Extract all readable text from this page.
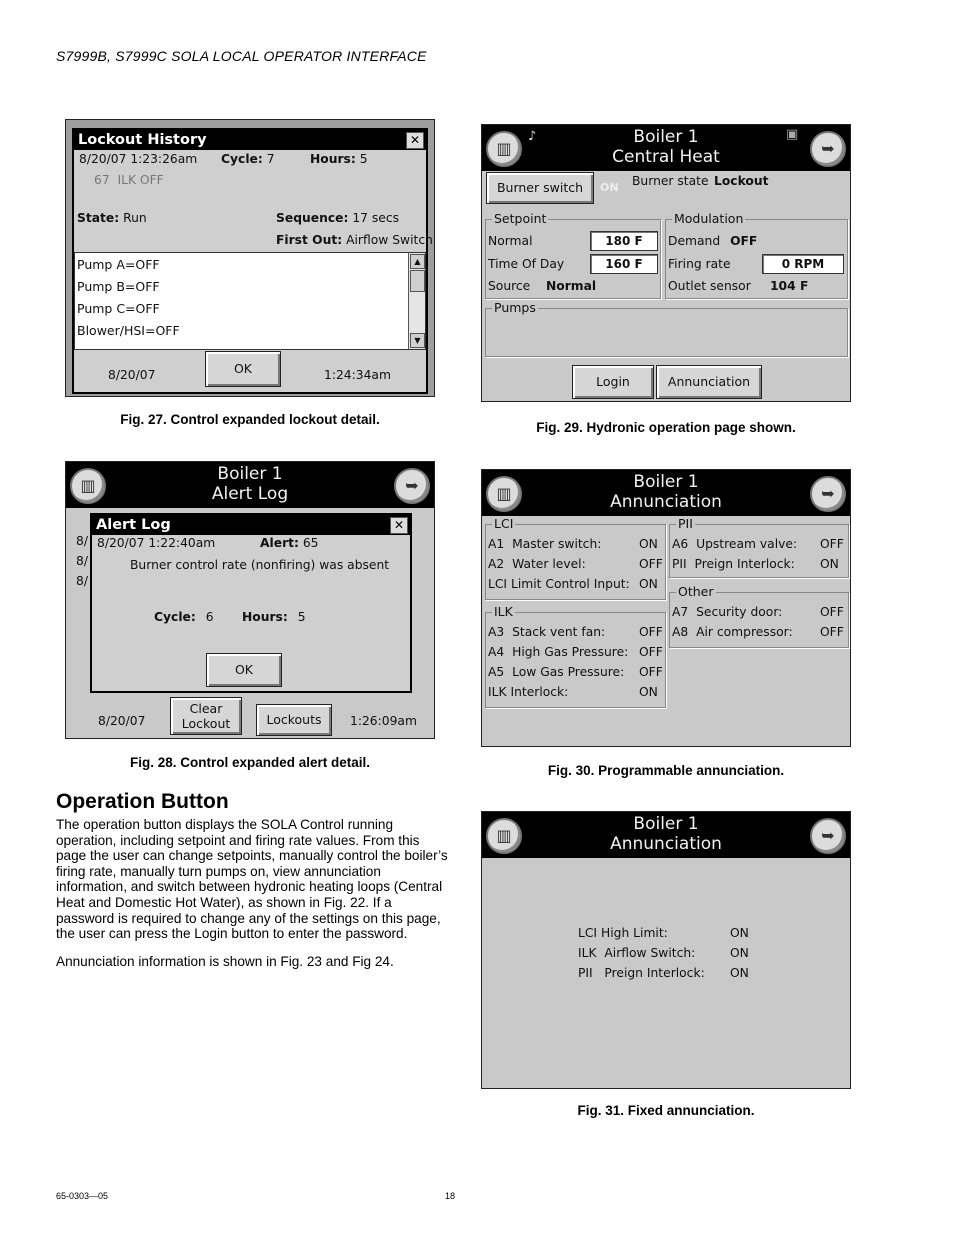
S7999B, S7999C SOLA LOCAL OPERATOR INTERFACE
Lockout History	✕
8/20/07 1:23:26am Cycle: 7	Hours: 5
67  ILK OFF
State: Run	Sequence: 17 secs
First Out: Airflow Switch
Pump A=OFF
Pump B=OFF
Pump C=OFF
Blower/HSI=OFF
▲
▼
8/20/07	OK	1:24:34am
Fig. 27. Control expanded lockout detail.
Boiler 1
Central Heat
▥
♪	▣
➥
Burner switch	ON Burner state Lockout
Setpoint
Normal	180 F
Time Of Day	160 F
Source Normal
Modulation
Demand OFF
Firing rate	0 RPM
Outlet sensor 104 F
Pumps
Login	Annunciation
Fig. 29. Hydronic operation page shown.
Boiler 1
Alert Log
▥	➥
8/
8/
8/
Alert Log	✕
8/20/07 1:22:40am	Alert: 65
Burner control rate (nonfiring) was absent
Cycle: 6 Hours: 5
OK
8/20/07
Clear
Lockout	Lockouts	1:26:09am
Fig. 28. Control expanded alert detail.
Boiler 1
Annunciation
▥	➥
LCI
A1 Master switch:	ON
A2 Water level:	OFF
LCI Limit Control Input: ON
ILK
A3 Stack vent fan:	OFF
A4 High Gas Pressure: OFF
A5 Low Gas Pressure: OFF
ILK Interlock:	ON
PII
A6 Upstream valve: OFF
PII Preign Interlock: ON
Other
A7 Security door:	OFF
A8 Air compressor: OFF
Fig. 30. Programmable annunciation.
Operation Button

The operation button displays the SOLA Control running operation, including setpoint and firing rate values. From this page the user can change setpoints, manually control the boiler’s firing rate, manually turn pumps on, view annunciation information, and switch between hydronic heating loops (Central Heat and Domestic Hot Water), as shown in Fig. 22. If a password is required to change any of the settings on this page, the user can press the Login button to enter the password.

Annunciation information is shown in Fig. 23 and Fig 24.

Boiler 1
Annunciation
▥	➥
LCI High Limit:	ON
ILK Airflow Switch:	ON
PII Preign Interlock: ON
Fig. 31. Fixed annunciation.
65-0303—05	18
